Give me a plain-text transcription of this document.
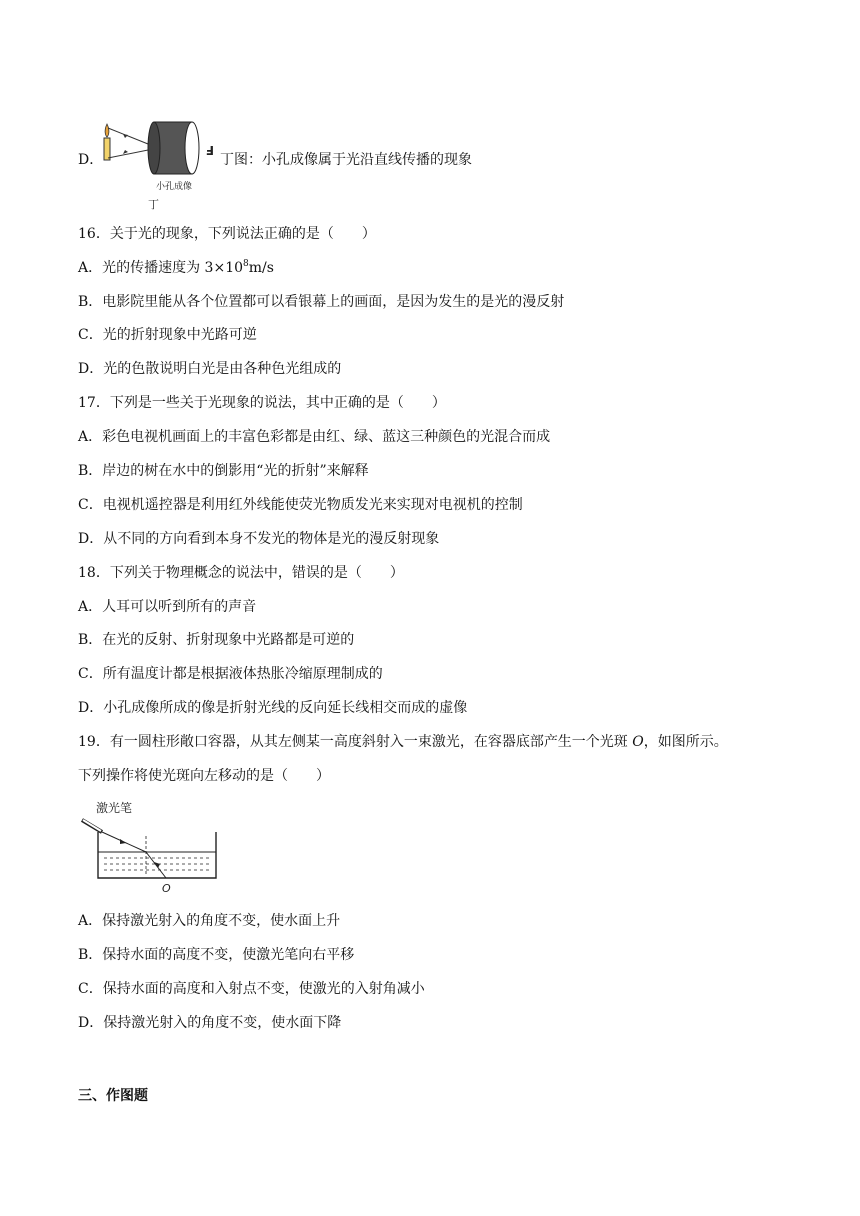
D．
F
小孔成像
丁
丁图：小孔成像属于光沿直线传播的现象
16．关于光的现象，下列说法正确的是（　　）
A．光的传播速度为 $3\times 10^8m/s$
B．电影院里能从各个位置都可以看银幕上的画面，是因为发生的是光的漫反射
C．光的折射现象中光路可逆
D．光的色散说明白光是由各种色光组成的
17．下列是一些关于光现象的说法，其中正确的是（　　）
A．彩色电视机画面上的丰富色彩都是由红、绿、蓝这三种颜色的光混合而成
B．岸边的树在水中的倒影用“光的折射”来解释
C．电视机遥控器是利用红外线能使荧光物质发光来实现对电视机的控制
D．从不同的方向看到本身不发光的物体是光的漫反射现象
18．下列关于物理概念的说法中，错误的是（　　）
A．人耳可以听到所有的声音
B．在光的反射、折射现象中光路都是可逆的
C．所有温度计都是根据液体热胀冷缩原理制成的
D．小孔成像所成的像是折射光线的反向延长线相交而成的虚像
19．有一圆柱形敞口容器，从其左侧某一高度斜射入一束激光，在容器底部产生一个光斑 O，如图所示。
下列操作将使光斑向左移动的是（　　）
激光笔
O
A．保持激光射入的角度不变，使水面上升
B．保持水面的高度不变，使激光笔向右平移
C．保持水面的高度和入射点不变，使激光的入射角减小
D．保持激光射入的角度不变，使水面下降
三、作图题
